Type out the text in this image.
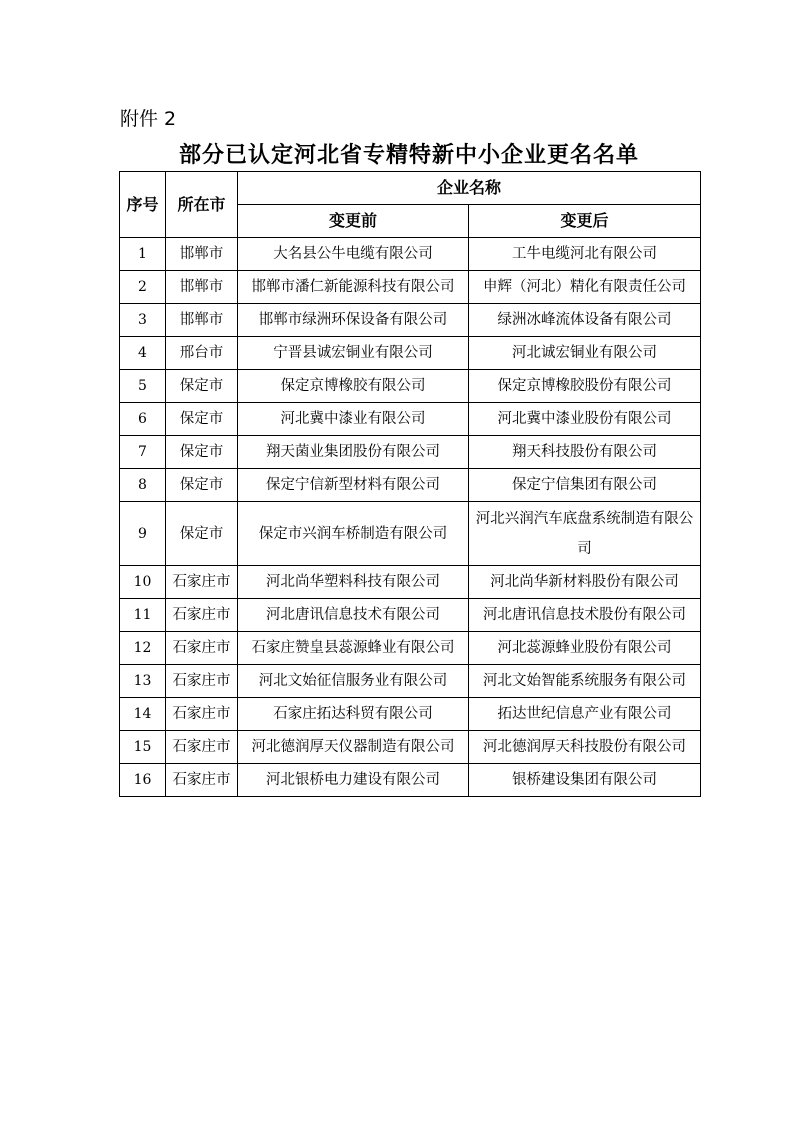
附件 2
部分已认定河北省专精特新中小企业更名名单
序号	所在市	企业名称	
		变更前	变更后
1	邯郸市	大名县公牛电缆有限公司	工牛电缆河北有限公司
2	邯郸市	邯郸市潘仁新能源科技有限公司	申辉（河北）精化有限责任公司
3	邯郸市	邯郸市绿洲环保设备有限公司	绿洲冰峰流体设备有限公司
4	邢台市	宁晋县诚宏铜业有限公司	河北诚宏铜业有限公司
5	保定市	保定京博橡胶有限公司	保定京博橡胶股份有限公司
6	保定市	河北冀中漆业有限公司	河北冀中漆业股份有限公司
7	保定市	翔天菌业集团股份有限公司	翔天科技股份有限公司
8	保定市	保定宁信新型材料有限公司	保定宁信集团有限公司
9	保定市	保定市兴润车桥制造有限公司	河北兴润汽车底盘系统制造有限公司
10	石家庄市	河北尚华塑料科技有限公司	河北尚华新材料股份有限公司
11	石家庄市	河北唐讯信息技术有限公司	河北唐讯信息技术股份有限公司
12	石家庄市	石家庄赞皇县蕊源蜂业有限公司	河北蕊源蜂业股份有限公司
13	石家庄市	河北文始征信服务业有限公司	河北文始智能系统服务有限公司
14	石家庄市	石家庄拓达科贸有限公司	拓达世纪信息产业有限公司
15	石家庄市	河北德润厚天仪器制造有限公司	河北德润厚天科技股份有限公司
16	石家庄市	河北银桥电力建设有限公司	银桥建设集团有限公司
